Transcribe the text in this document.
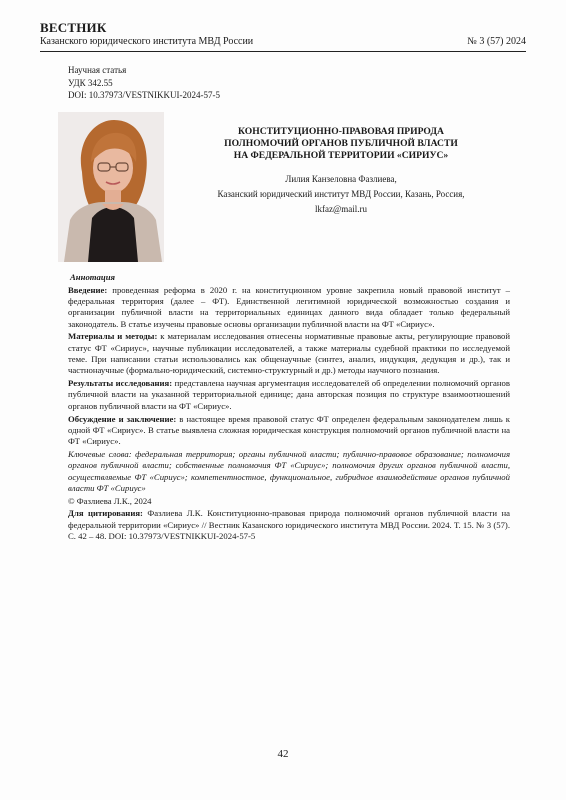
ВЕСТНИК
Казанского юридического института МВД России	№ 3 (57) 2024
Научная статья
УДК 342.55
DOI: 10.37973/VESTNIKKUI-2024-57-5
КОНСТИТУЦИОННО-ПРАВОВАЯ ПРИРОДА
ПОЛНОМОЧИЙ ОРГАНОВ ПУБЛИЧНОЙ ВЛАСТИ
НА ФЕДЕРАЛЬНОЙ ТЕРРИТОРИИ «СИРИУС»
Лилия Канзеловна Фазлиева,
Казанский юридический институт МВД России, Казань, Россия,
lkfaz@mail.ru

Аннотация

Введение: проведенная реформа в 2020 г. на конституционном уровне закрепила новый правовой институт – федеральная территория (далее – ФТ). Единственной легитимной юридической возможностью создания и организации публичной власти на территориальных единицах данного вида обладает только федеральный законодатель. В статье изучены правовые основы организации публичной власти на ФТ «Сириус».

Материалы и методы: к материалам исследования отнесены нормативные правовые акты, регулирующие правовой статус ФТ «Сириус», научные публикации исследователей, а также материалы судебной практики по исследуемой теме. При написании статьи использовались как общенаучные (синтез, анализ, индукция, дедукция и др.), так и частнонаучные (формально-юридический, системно-структурный и др.) методы научного познания.

Результаты исследования: представлена научная аргументация исследователей об определении полномочий органов публичной власти на указанной территориальной единице; дана авторская позиция по структуре взаимоотношений органов публичной власти на ФТ «Сириус».

Обсуждение и заключение: в настоящее время правовой статус ФТ определен федеральным законодателем лишь к одной ФТ «Сириус». В статье выявлена сложная юридическая конструкция полномочий органов публичной власти на ФТ «Сириус».

Ключевые слова: федеральная территория; органы публичной власти; публично-правовое образование; полномочия органов публичной власти; собственные полномочия ФТ «Сириус»; полномочия других органов публичной власти, осуществляемые ФТ «Сириус»; компетентностное, функциональное, гибридное взаимодействие органов публичной власти ФТ «Сириус»

© Фазлиева Л.К., 2024

Для цитирования: Фазлиева Л.К. Конституционно-правовая природа полномочий органов публичной власти на федеральной территории «Сириус» // Вестник Казанского юридического института МВД России. 2024. Т. 15. № 3 (57). С. 42 – 48. DOI: 10.37973/VESTNIKKUI-2024-57-5

42
